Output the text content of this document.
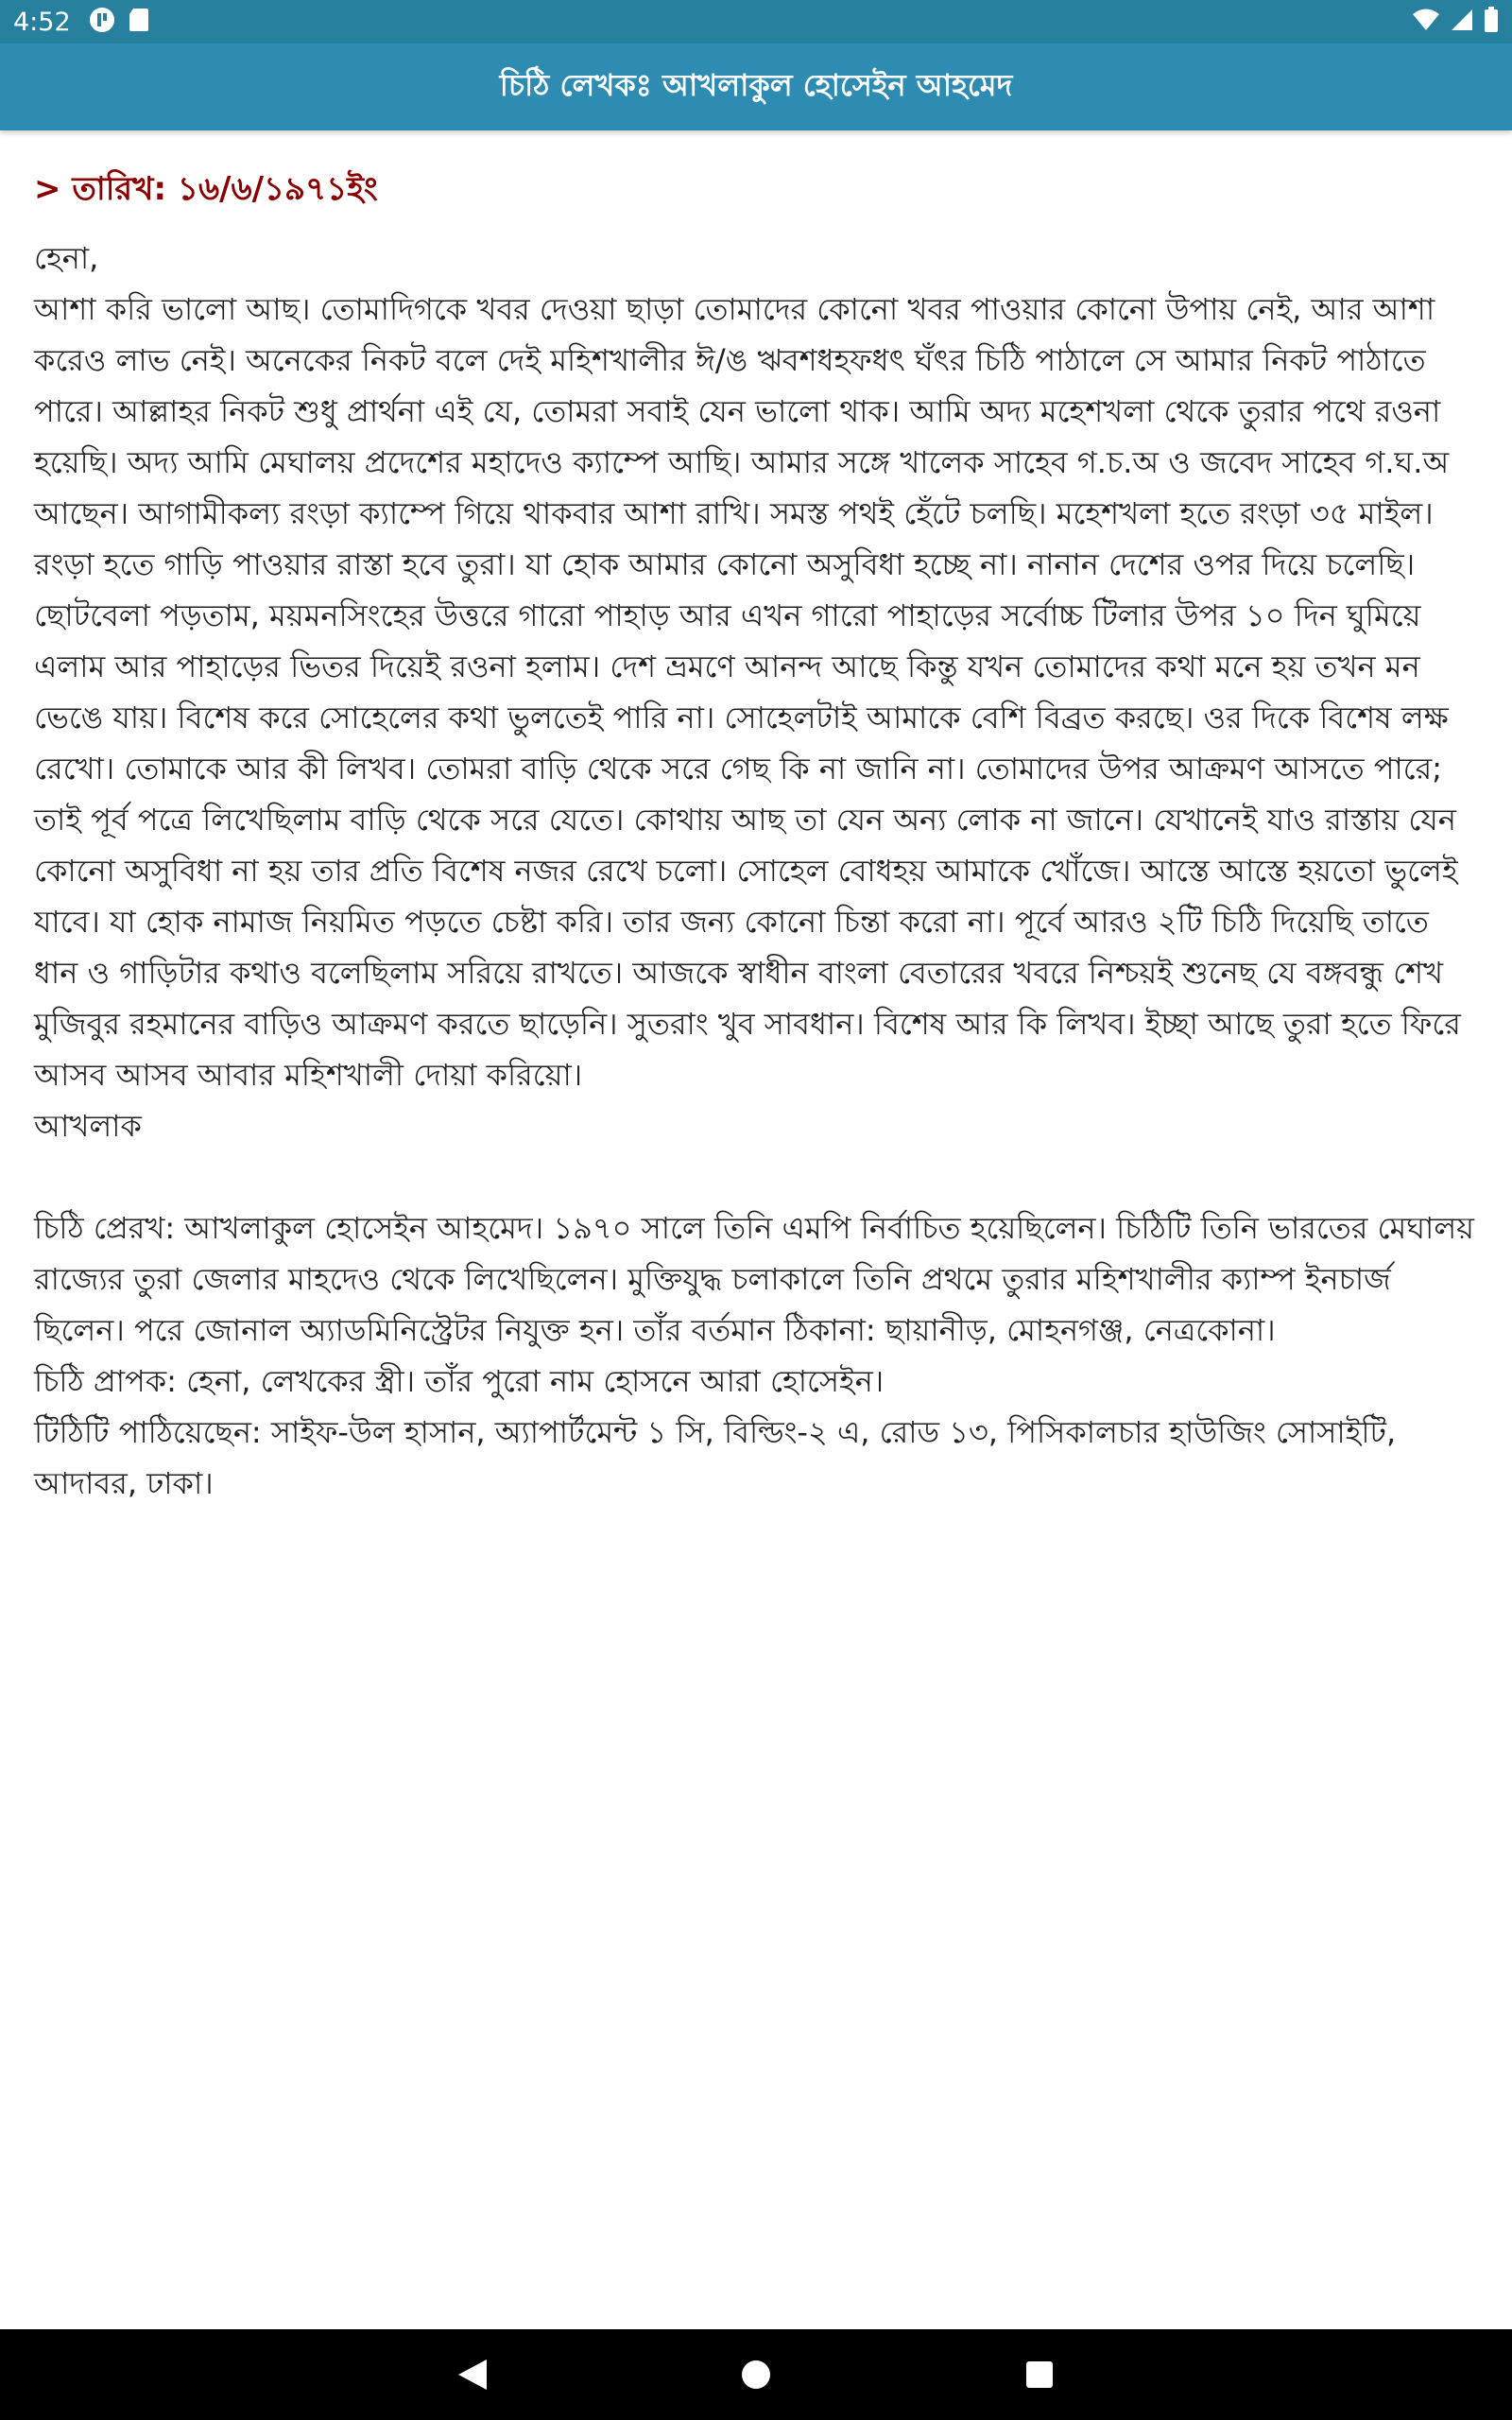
4:52
চিঠি লেখকঃ আখলাকুল হোসেইন আহমেদ
> তারিখ: ১৬/৬/১৯৭১ইং
হেনা,
আশা করি ভালো আছ। তোমাদিগকে খবর দেওয়া ছাড়া তোমাদের কোনো খবর পাওয়ার কোনো উপায় নেই, আর আশা করেও লাভ নেই। অনেকের নিকট বলে দেই মহিশখালীর ঈ/ঙ ঋবশধহফধৎ ঘঁৎর চিঠি পাঠালে সে আমার নিকট পাঠাতে পারে। আল্লাহর নিকট শুধু প্রার্থনা এই যে, তোমরা সবাই যেন ভালো থাক। আমি অদ্য মহেশখলা থেকে তুরার পথে রওনা হয়েছি। অদ্য আমি মেঘালয় প্রদেশের মহাদেও ক্যাম্পে আছি। আমার সঙ্গে খালেক সাহেব গ.চ.অ ও জবেদ সাহেব গ.ঘ.অ আছেন। আগামীকল্য রংড়া ক্যাম্পে গিয়ে থাকবার আশা রাখি। সমস্ত পথই হেঁটে চলছি। মহেশখলা হতে রংড়া ৩৫ মাইল। রংড়া হতে গাড়ি পাওয়ার রাস্তা হবে তুরা। যা হোক আমার কোনো অসুবিধা হচ্ছে না। নানান দেশের ওপর দিয়ে চলেছি। ছোটবেলা পড়তাম, ময়মনসিংহের উত্তরে গারো পাহাড় আর এখন গারো পাহাড়ের সর্বোচ্চ টিলার উপর ১০ দিন ঘুমিয়ে এলাম আর পাহাড়ের ভিতর দিয়েই রওনা হলাম। দেশ ভ্রমণে আনন্দ আছে কিন্তু যখন তোমাদের কথা মনে হয় তখন মন ভেঙে যায়। বিশেষ করে সোহেলের কথা ভুলতেই পারি না। সোহেলটাই আমাকে বেশি বিব্রত করছে। ওর দিকে বিশেষ লক্ষ রেখো। তোমাকে আর কী লিখব। তোমরা বাড়ি থেকে সরে গেছ কি না জানি না। তোমাদের উপর আক্রমণ আসতে পারে; তাই পূর্ব পত্রে লিখেছিলাম বাড়ি থেকে সরে যেতে। কোথায় আছ তা যেন অন্য লোক না জানে। যেখানেই যাও রাস্তায় যেন কোনো অসুবিধা না হয় তার প্রতি বিশেষ নজর রেখে চলো। সোহেল বোধহয় আমাকে খোঁজে। আস্তে আস্তে হয়তো ভুলেই যাবে। যা হোক নামাজ নিয়মিত পড়তে চেষ্টা করি। তার জন্য কোনো চিন্তা করো না। পূর্বে আরও ২টি চিঠি দিয়েছি তাতে ধান ও গাড়িটার কথাও বলেছিলাম সরিয়ে রাখতে। আজকে স্বাধীন বাংলা বেতারের খবরে নিশ্চয়ই শুনেছ যে বঙ্গবন্ধু শেখ মুজিবুর রহমানের বাড়িও আক্রমণ করতে ছাড়েনি। সুতরাং খুব সাবধান। বিশেষ আর কি লিখব। ইচ্ছা আছে তুরা হতে ফিরে আসব আসব আবার মহিশখালী দোয়া করিয়ো।
আখলাক
চিঠি প্রেরখ: আখলাকুল হোসেইন আহমেদ। ১৯৭০ সালে তিনি এমপি নির্বাচিত হয়েছিলেন। চিঠিটি তিনি ভারতের মেঘালয় রাজ্যের তুরা জেলার মাহদেও থেকে লিখেছিলেন। মুক্তিযুদ্ধ চলাকালে তিনি প্রথমে তুরার মহিশখালীর ক্যাম্প ইনচার্জ ছিলেন। পরে জোনাল অ্যাডমিনিস্ট্রেটর নিযুক্ত হন। তাঁর বর্তমান ঠিকানা: ছায়ানীড়, মোহনগঞ্জ, নেত্রকোনা।
চিঠি প্রাপক: হেনা, লেখকের স্ত্রী। তাঁর পুরো নাম হোসনে আরা হোসেইন।
টিঠিটি পাঠিয়েছেন: সাইফ-উল হাসান, অ্যাপার্টমেন্ট ১ সি, বিল্ডিং-২ এ, রোড ১৩, পিসিকালচার হাউজিং সোসাইটি, আদাবর, ঢাকা।
